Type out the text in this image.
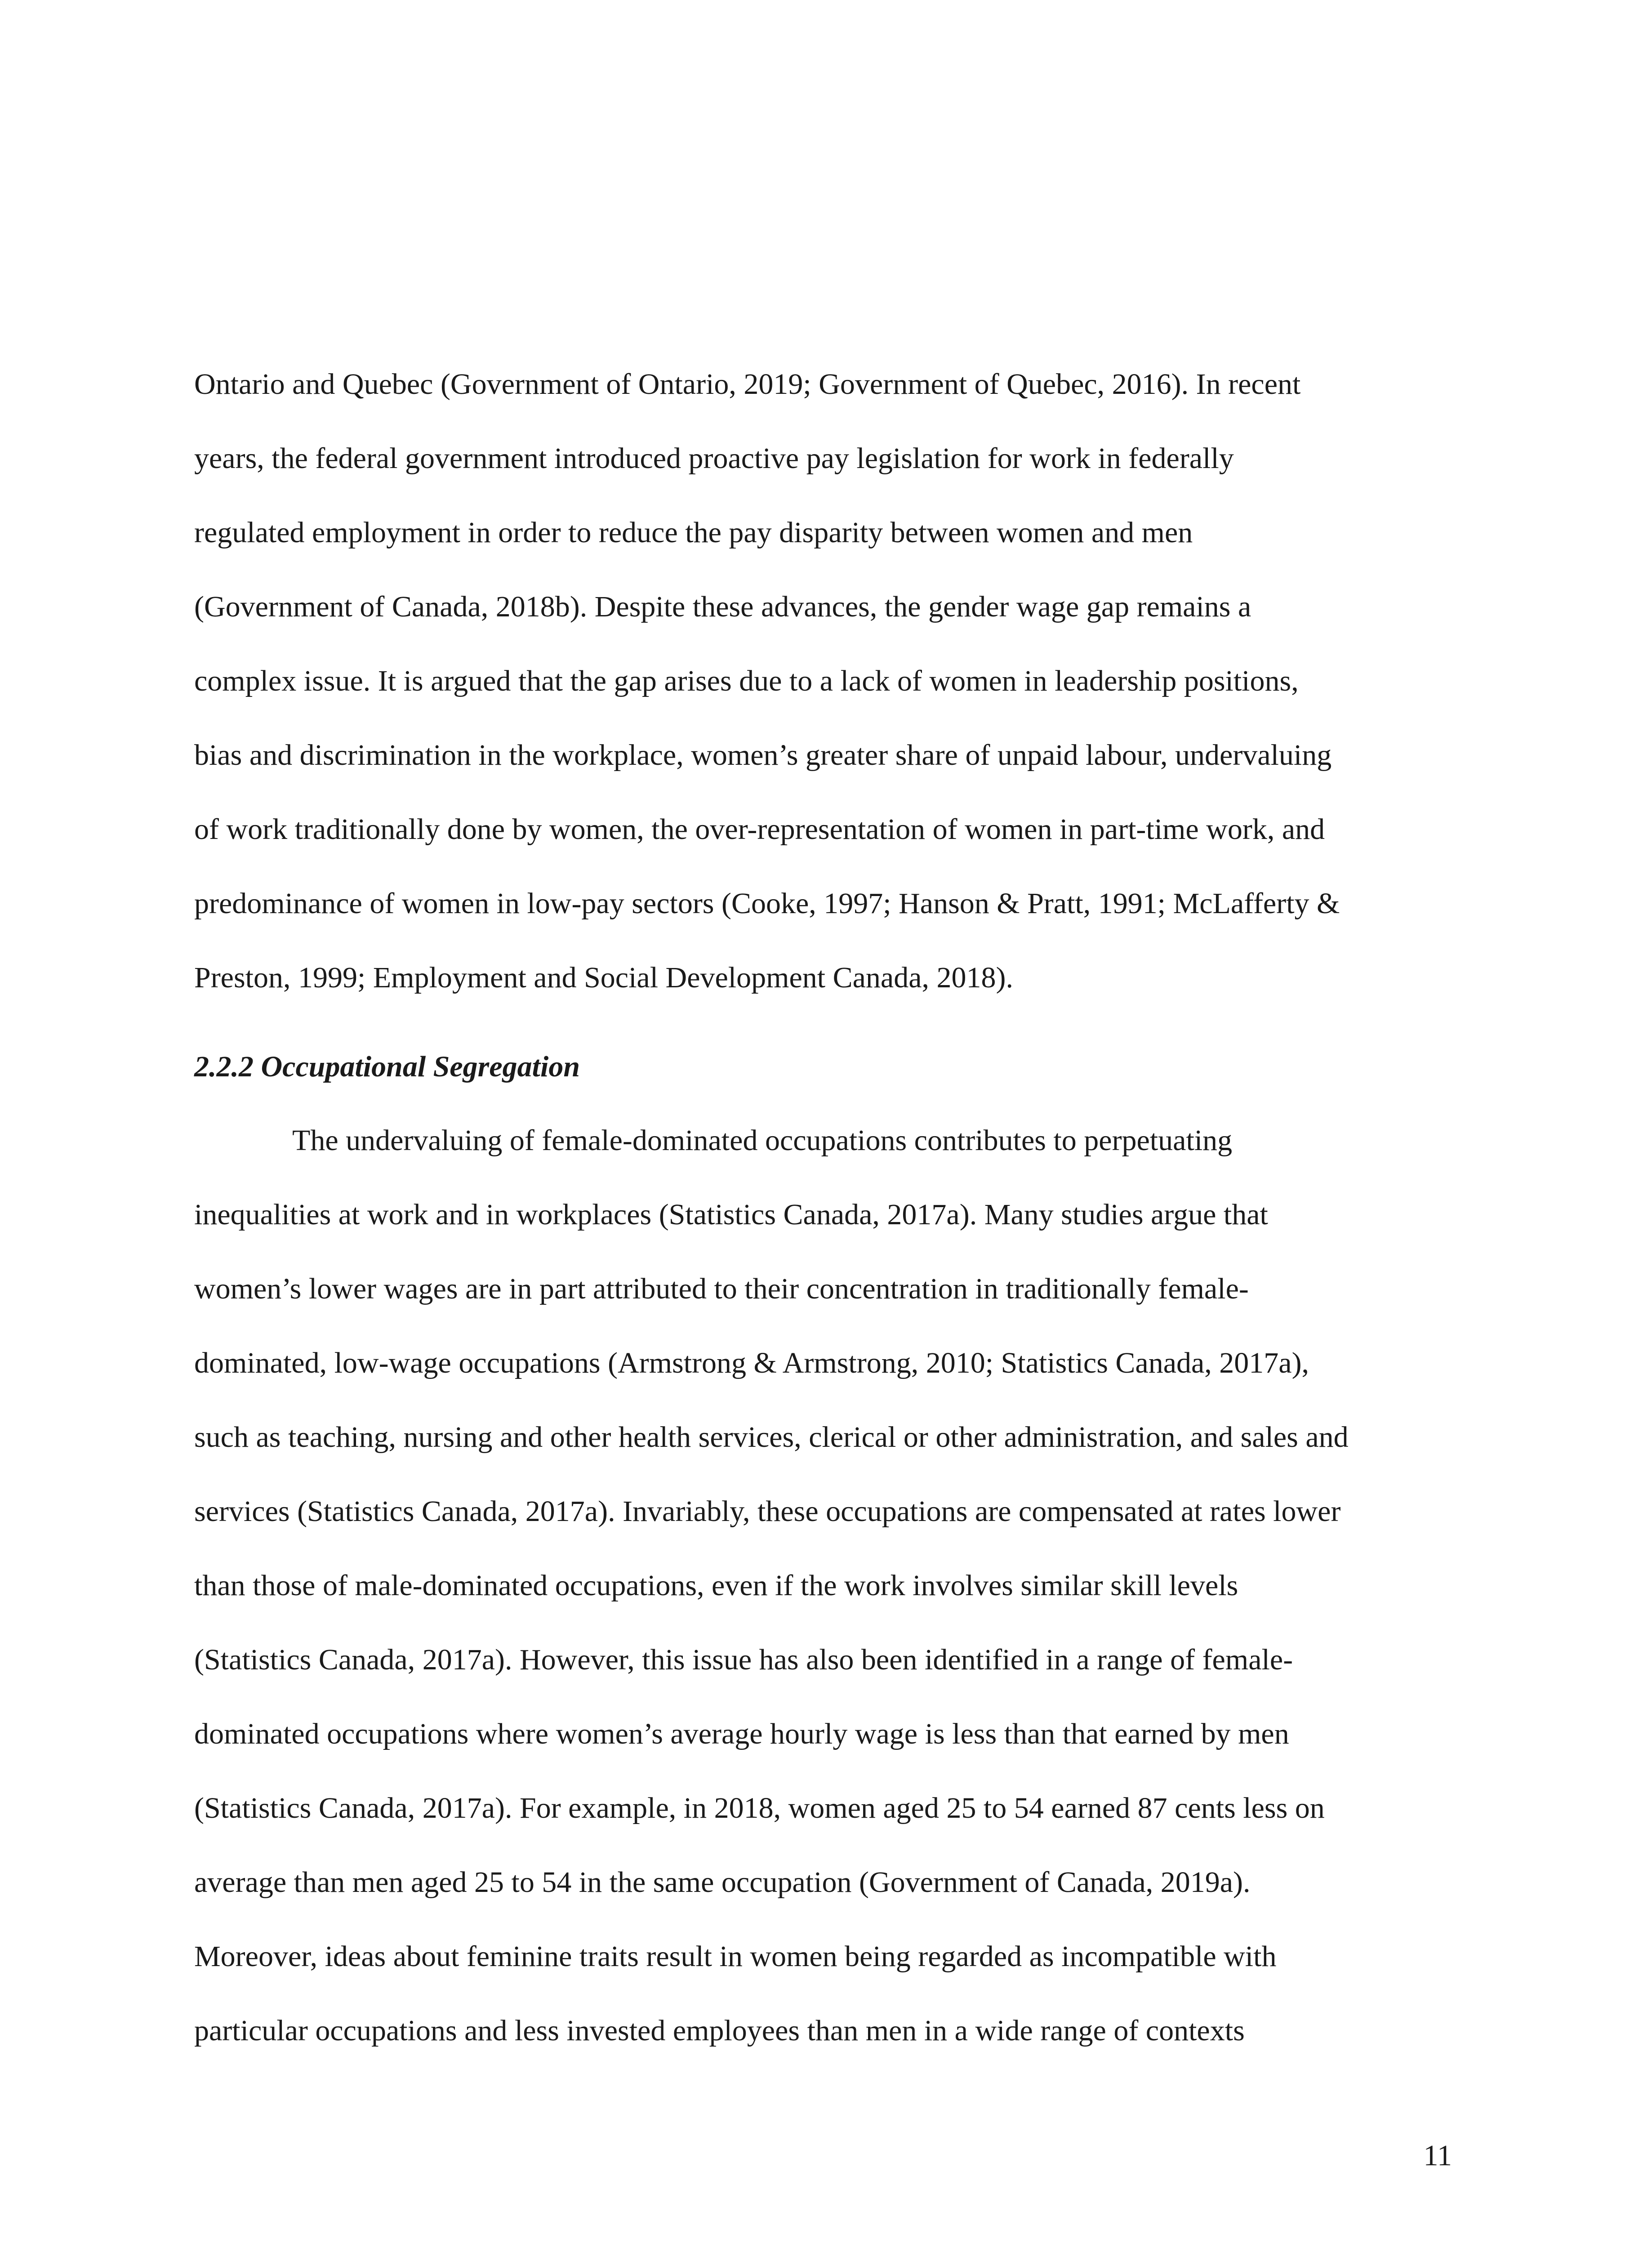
Ontario and Quebec (Government of Ontario, 2019; Government of Quebec, 2016). In recent
years, the federal government introduced proactive pay legislation for work in federally
regulated employment in order to reduce the pay disparity between women and men
(Government of Canada, 2018b). Despite these advances, the gender wage gap remains a
complex issue. It is argued that the gap arises due to a lack of women in leadership positions,
bias and discrimination in the workplace, women’s greater share of unpaid labour, undervaluing
of work traditionally done by women, the over-representation of women in part-time work, and
predominance of women in low-pay sectors (Cooke, 1997; Hanson & Pratt, 1991; McLafferty &
Preston, 1999; Employment and Social Development Canada, 2018).
2.2.2 Occupational Segregation
The undervaluing of female-dominated occupations contributes to perpetuating
inequalities at work and in workplaces (Statistics Canada, 2017a). Many studies argue that
women’s lower wages are in part attributed to their concentration in traditionally female-
dominated, low-wage occupations (Armstrong & Armstrong, 2010; Statistics Canada, 2017a),
such as teaching, nursing and other health services, clerical or other administration, and sales and
services (Statistics Canada, 2017a). Invariably, these occupations are compensated at rates lower
than those of male-dominated occupations, even if the work involves similar skill levels
(Statistics Canada, 2017a). However, this issue has also been identified in a range of female-
dominated occupations where women’s average hourly wage is less than that earned by men
(Statistics Canada, 2017a). For example, in 2018, women aged 25 to 54 earned 87 cents less on
average than men aged 25 to 54 in the same occupation (Government of Canada, 2019a).
Moreover, ideas about feminine traits result in women being regarded as incompatible with
particular occupations and less invested employees than men in a wide range of contexts
11
